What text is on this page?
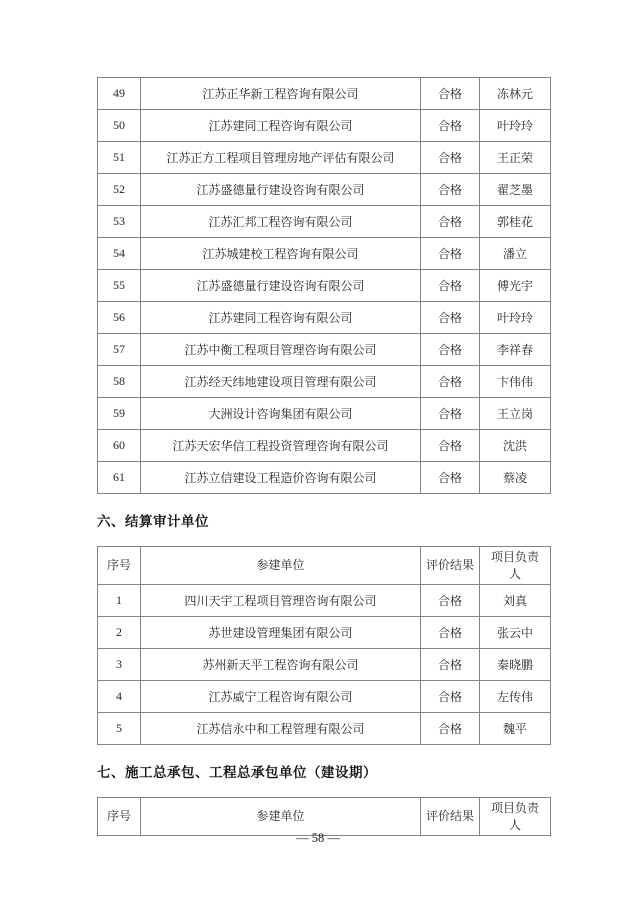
49	江苏正华新工程咨询有限公司	合格	冻林元
50	江苏建同工程咨询有限公司	合格	叶玲玲
51	江苏正方工程项目管理房地产评估有限公司	合格	王正荣
52	江苏盛德量行建设咨询有限公司	合格	翟芝墨
53	江苏汇邦工程咨询有限公司	合格	郭桂花
54	江苏城建校工程咨询有限公司	合格	潘立
55	江苏盛德量行建设咨询有限公司	合格	傅光宇
56	江苏建同工程咨询有限公司	合格	叶玲玲
57	江苏中衡工程项目管理咨询有限公司	合格	李祥春
58	江苏经天纬地建设项目管理有限公司	合格	卞伟伟
59	大洲设计咨询集团有限公司	合格	王立岗
60	江苏天宏华信工程投资管理咨询有限公司	合格	沈洪
61	江苏立信建设工程造价咨询有限公司	合格	蔡凌
六、结算审计单位
序号	参建单位	评价结果	项目负责人
1	四川天宇工程项目管理咨询有限公司	合格	刘真
2	苏世建设管理集团有限公司	合格	张云中
3	苏州新天平工程咨询有限公司	合格	秦晓鹏
4	江苏威宁工程咨询有限公司	合格	左传伟
5	江苏信永中和工程管理有限公司	合格	魏平
七、施工总承包、工程总承包单位（建设期）
序号	参建单位	评价结果	项目负责人
— 58 —
